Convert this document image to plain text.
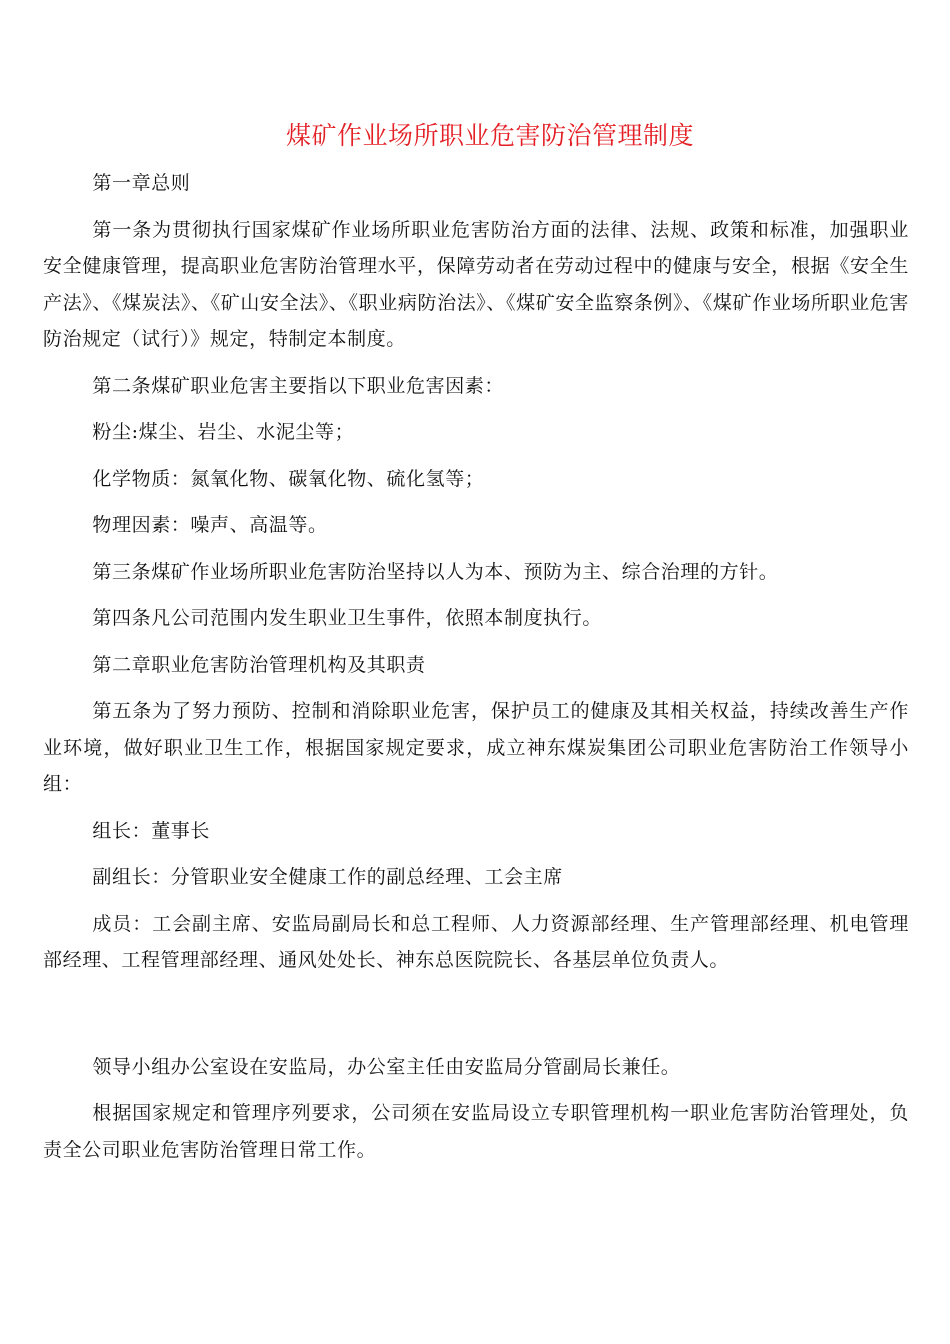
煤矿作业场所职业危害防治管理制度

第一章总则

第一条为贯彻执行国家煤矿作业场所职业危害防治方面的法律、法规、政策和标准，加强职业安全健康管理，提高职业危害防治管理水平，保障劳动者在劳动过程中的健康与安全，根据《安全生产法》、《煤炭法》、《矿山安全法》、《职业病防治法》、《煤矿安全监察条例》、《煤矿作业场所职业危害防治规定（试行）》规定，特制定本制度。

第二条煤矿职业危害主要指以下职业危害因素：

粉尘:煤尘、岩尘、水泥尘等；

化学物质：氮氧化物、碳氧化物、硫化氢等；

物理因素：噪声、高温等。

第三条煤矿作业场所职业危害防治坚持以人为本、预防为主、综合治理的方针。

第四条凡公司范围内发生职业卫生事件，依照本制度执行。

第二章职业危害防治管理机构及其职责

第五条为了努力预防、控制和消除职业危害，保护员工的健康及其相关权益，持续改善生产作业环境，做好职业卫生工作，根据国家规定要求，成立神东煤炭集团公司职业危害防治工作领导小组：

组长：董事长

副组长：分管职业安全健康工作的副总经理、工会主席

成员：工会副主席、安监局副局长和总工程师、人力资源部经理、生产管理部经理、机电管理部经理、工程管理部经理、通风处处长、神东总医院院长、各基层单位负责人。

领导小组办公室设在安监局，办公室主任由安监局分管副局长兼任。

根据国家规定和管理序列要求，公司须在安监局设立专职管理机构一职业危害防治管理处，负责全公司职业危害防治管理日常工作。
